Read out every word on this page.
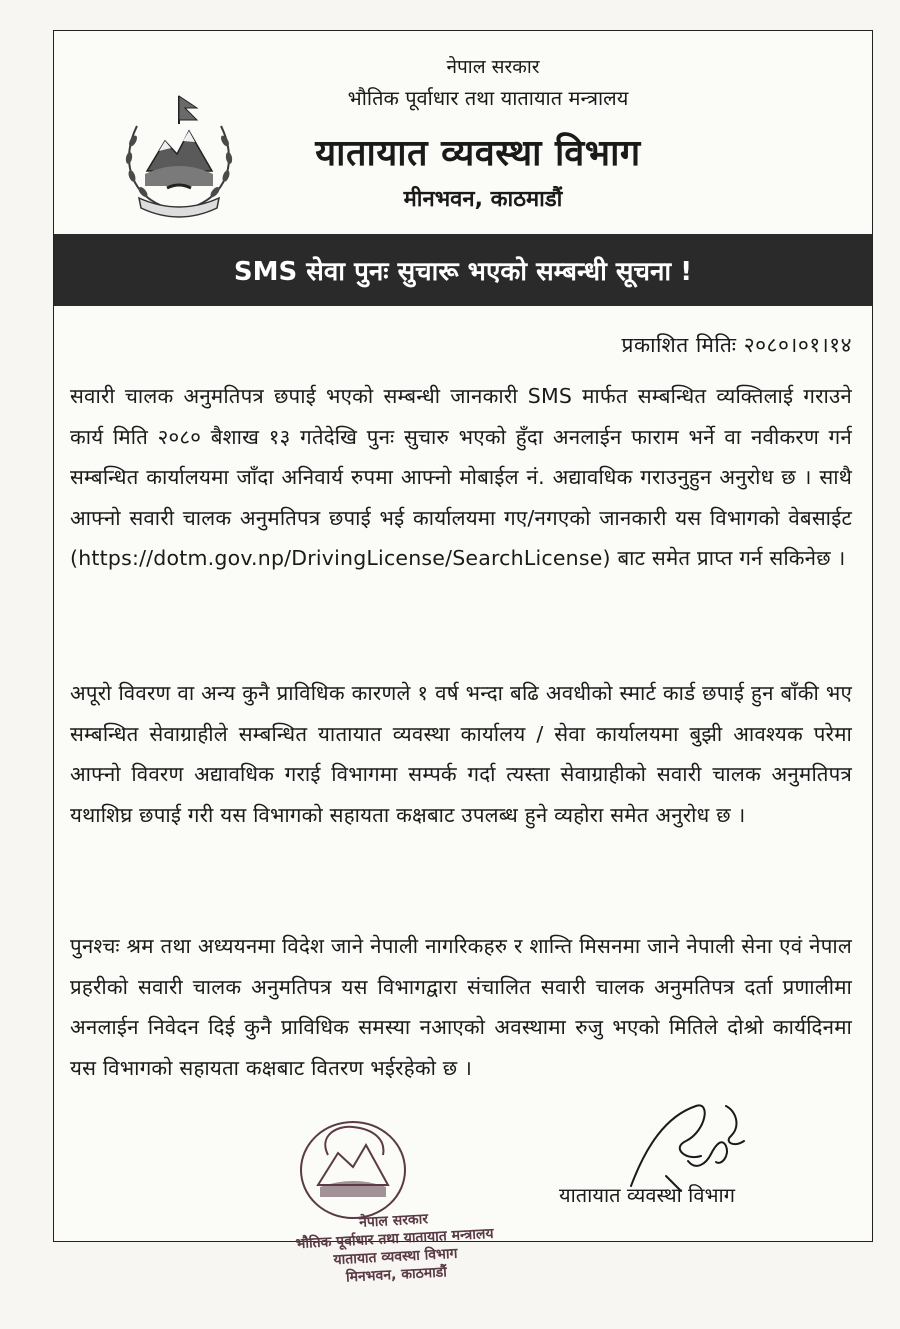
नेपाल सरकार
भौतिक पूर्वाधार तथा यातायात मन्त्रालय
यातायात व्यवस्था विभाग
मीनभवन, काठमाडौं
SMS सेवा पुनः सुचारू भएको सम्बन्धी सूचना !
प्रकाशित मितिः २०८०।०१।१४
सवारी चालक अनुमतिपत्र छपाई भएको सम्बन्धी जानकारी SMS मार्फत सम्बन्धित व्यक्तिलाई गराउने कार्य मिति २०८० बैशाख १३ गतेदेखि पुनः सुचारु भएको हुँदा अनलाईन फाराम भर्ने वा नवीकरण गर्न सम्बन्धित कार्यालयमा जाँदा अनिवार्य रुपमा आफ्नो मोबाईल नं. अद्यावधिक गराउनुहुन अनुरोध छ । साथै आफ्नो सवारी चालक अनुमतिपत्र छपाई भई कार्यालयमा गए/नगएको जानकारी यस विभागको वेबसाईट (https://dotm.gov.np/DrivingLicense/SearchLicense) बाट समेत प्राप्त गर्न सकिनेछ ।
अपूरो विवरण वा अन्य कुनै प्राविधिक कारणले १ वर्ष भन्दा बढि अवधीको स्मार्ट कार्ड छपाई हुन बाँकी भए सम्बन्धित सेवाग्राहीले सम्बन्धित यातायात व्यवस्था कार्यालय / सेवा कार्यालयमा बुझी आवश्यक परेमा आफ्नो विवरण अद्यावधिक गराई विभागमा सम्पर्क गर्दा त्यस्ता सेवाग्राहीको सवारी चालक अनुमतिपत्र यथाशिघ्र छपाई गरी यस विभागको सहायता कक्षबाट उपलब्ध हुने व्यहोरा समेत अनुरोध छ ।
पुनश्चः श्रम तथा अध्ययनमा विदेश जाने नेपाली नागरिकहरु र शान्ति मिसनमा जाने नेपाली सेना एवं नेपाल प्रहरीको सवारी चालक अनुमतिपत्र यस विभागद्वारा संचालित सवारी चालक अनुमतिपत्र दर्ता प्रणालीमा अनलाईन निवेदन दिई कुनै प्राविधिक समस्या नआएको अवस्थामा रुजु भएको मितिले दोश्रो कार्यदिनमा यस विभागको सहायता कक्षबाट वितरण भईरहेको छ ।
यातायात व्यवस्था विभाग
नेपाल सरकार
भौतिक पूर्वाधार तथा यातायात मन्त्रालय
यातायात व्यवस्था विभाग
मिनभवन, काठमाडौं
